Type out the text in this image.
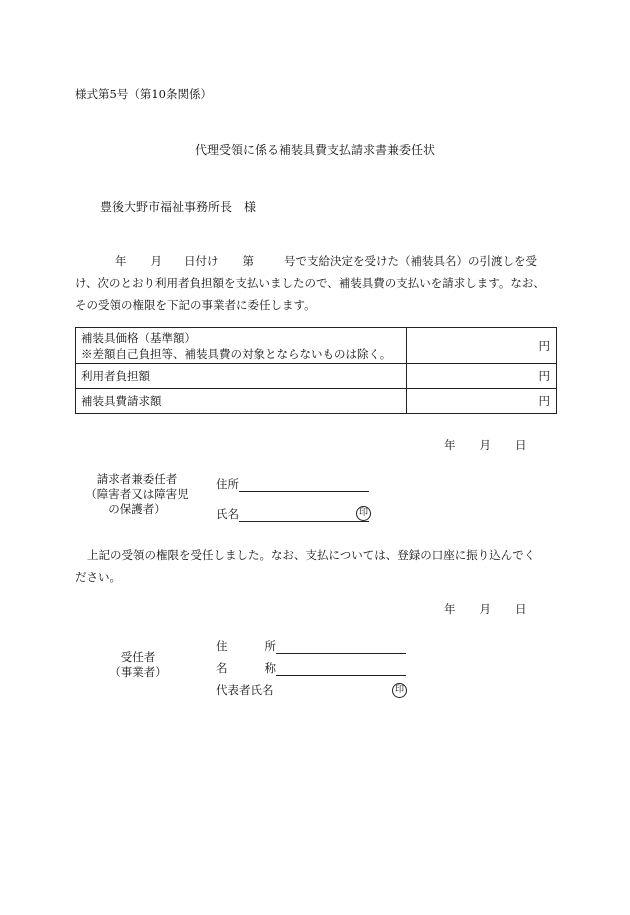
様式第5号（第10条関係）
代理受領に係る補装具費支払請求書兼委任状
豊後大野市福祉事務所長 様
年 月 日付け 第	号で支給決定を受けた（補装具名）の引渡しを受
け、次のとおり利用者負担額を支払いましたので、補装具費の支払いを請求します。なお、
その受領の権限を下記の事業者に委任します。
補装具価格（基準額）
※差額自己負担等、補装具費の対象とならないものは除く。	円
利用者負担額	円
補装具費請求額	円
年 月 日
請求者兼委任者
（障害者又は障害児
の保護者）
住所
氏名	印
上記の受領の権限を受任しました。なお、支払については、登録の口座に振り込んでく
ださい。
年 月 日
受任者
（事業者）
住	所
名	称
代表者氏名	印
